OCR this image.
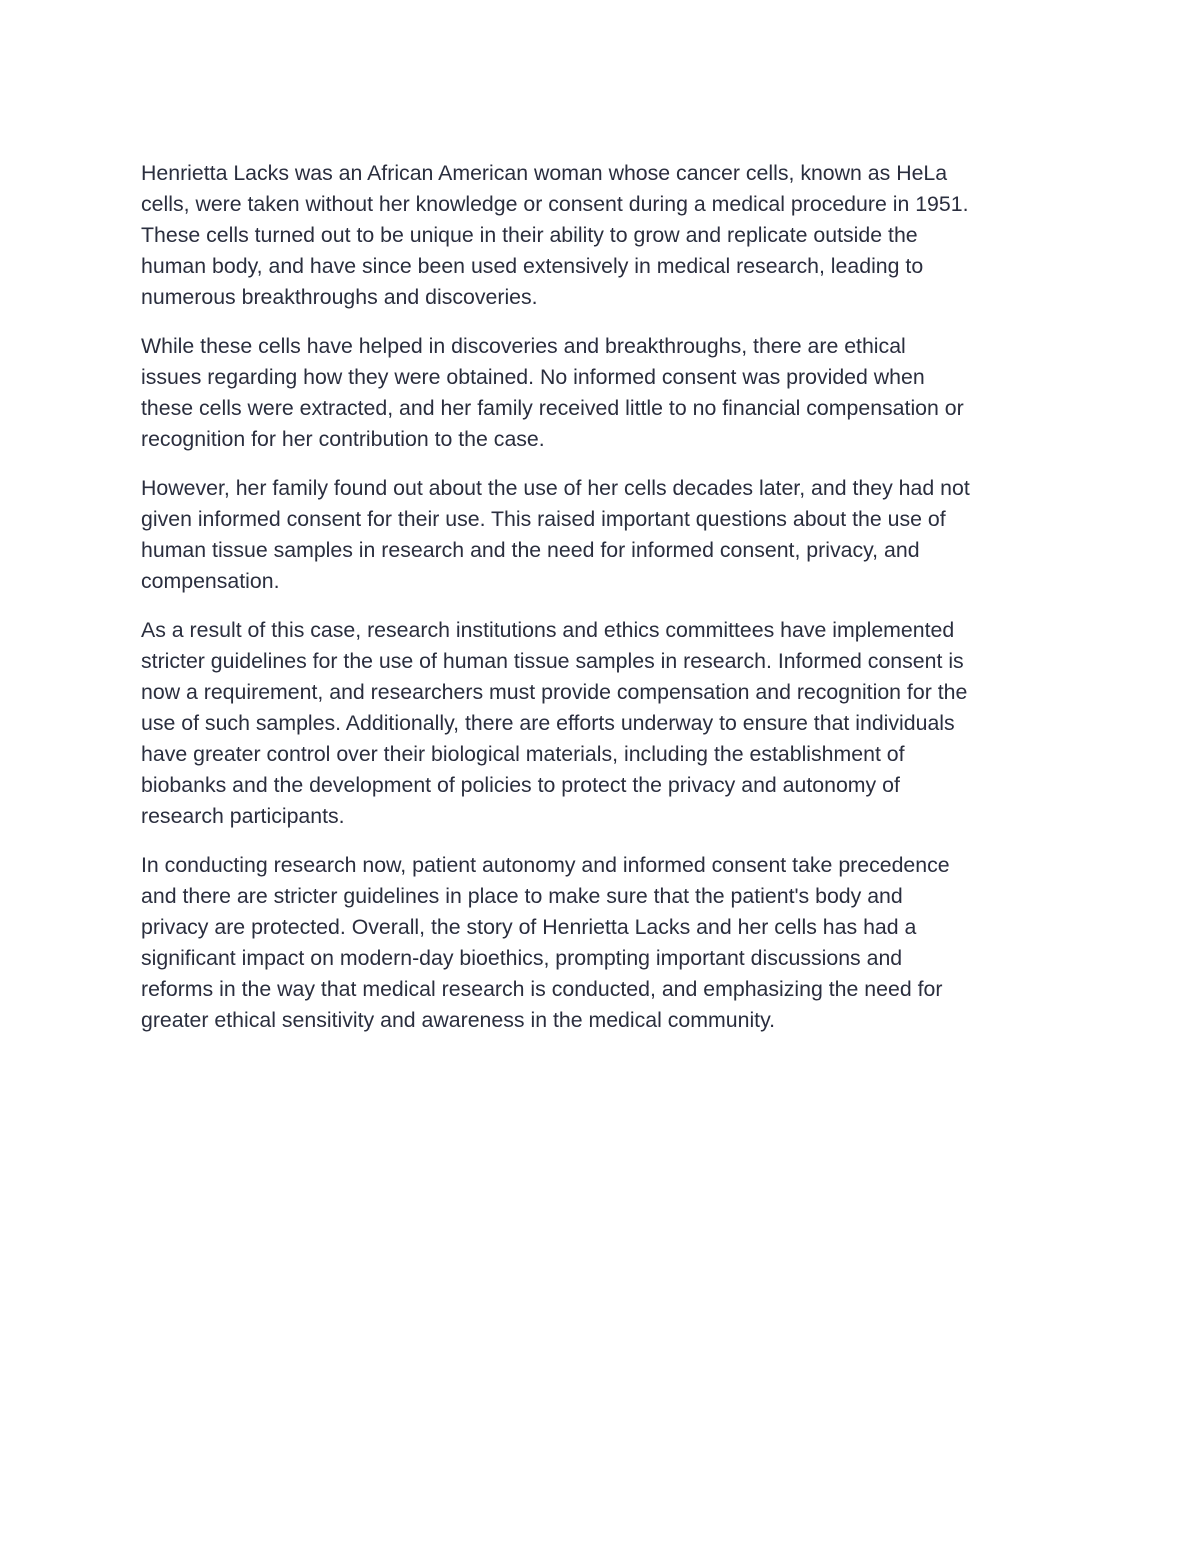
Henrietta Lacks was an African American woman whose cancer cells, known as HeLa
cells, were taken without her knowledge or consent during a medical procedure in 1951.
These cells turned out to be unique in their ability to grow and replicate outside the
human body, and have since been used extensively in medical research, leading to
numerous breakthroughs and discoveries.

While these cells have helped in discoveries and breakthroughs, there are ethical
issues regarding how they were obtained. No informed consent was provided when
these cells were extracted, and her family received little to no financial compensation or
recognition for her contribution to the case.

However, her family found out about the use of her cells decades later, and they had not
given informed consent for their use. This raised important questions about the use of
human tissue samples in research and the need for informed consent, privacy, and
compensation.

As a result of this case, research institutions and ethics committees have implemented
stricter guidelines for the use of human tissue samples in research. Informed consent is
now a requirement, and researchers must provide compensation and recognition for the
use of such samples. Additionally, there are efforts underway to ensure that individuals
have greater control over their biological materials, including the establishment of
biobanks and the development of policies to protect the privacy and autonomy of
research participants.

In conducting research now, patient autonomy and informed consent take precedence
and there are stricter guidelines in place to make sure that the patient's body and
privacy are protected. Overall, the story of Henrietta Lacks and her cells has had a
significant impact on modern-day bioethics, prompting important discussions and
reforms in the way that medical research is conducted, and emphasizing the need for
greater ethical sensitivity and awareness in the medical community.
